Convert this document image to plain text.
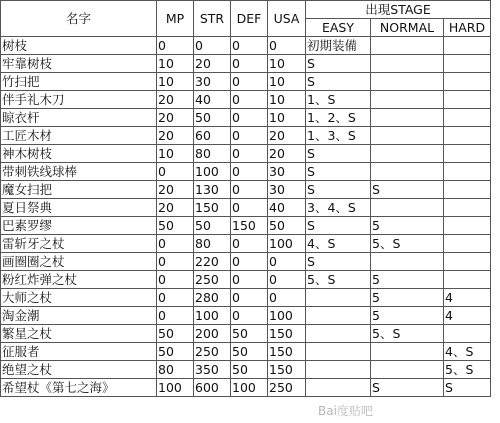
名字	MP	STR	DEF	USA	出現STAGE		
					EASY	NORMAL	HARD
树枝	0	0	0	0	初期装備		
牢靠树枝	10	20	0	10	S		
竹扫把	10	30	0	10	S		
伴手礼木刀	20	40	0	10	1、S		
晾衣杆	20	50	0	10	1、2、S		
工匠木材	20	60	0	20	1、3、S		
神木树枝	10	80	0	20	S		
带刺铁线球棒	0	100	0	30	S		
魔女扫把	20	130	0	30	S	S	
夏日祭典	20	150	0	40	3、4、S		
巴素罗缪	50	50	150	50	S	5	
雷斩牙之杖	0	80	0	100	4、S	5、S	
画圈圈之杖	0	220	0	0	S		
粉红炸弹之杖	0	250	0	0	5、S	5	
大师之杖	0	280	0	0		5	4
淘金潮	0	100	0	100		5	4
繁星之杖	50	200	50	150		5、S	
征服者	50	250	50	150			4、S
绝望之杖	80	350	50	150			5、S
希望杖《第七之海》	100	600	100	250		S	S
Bai度贴吧
